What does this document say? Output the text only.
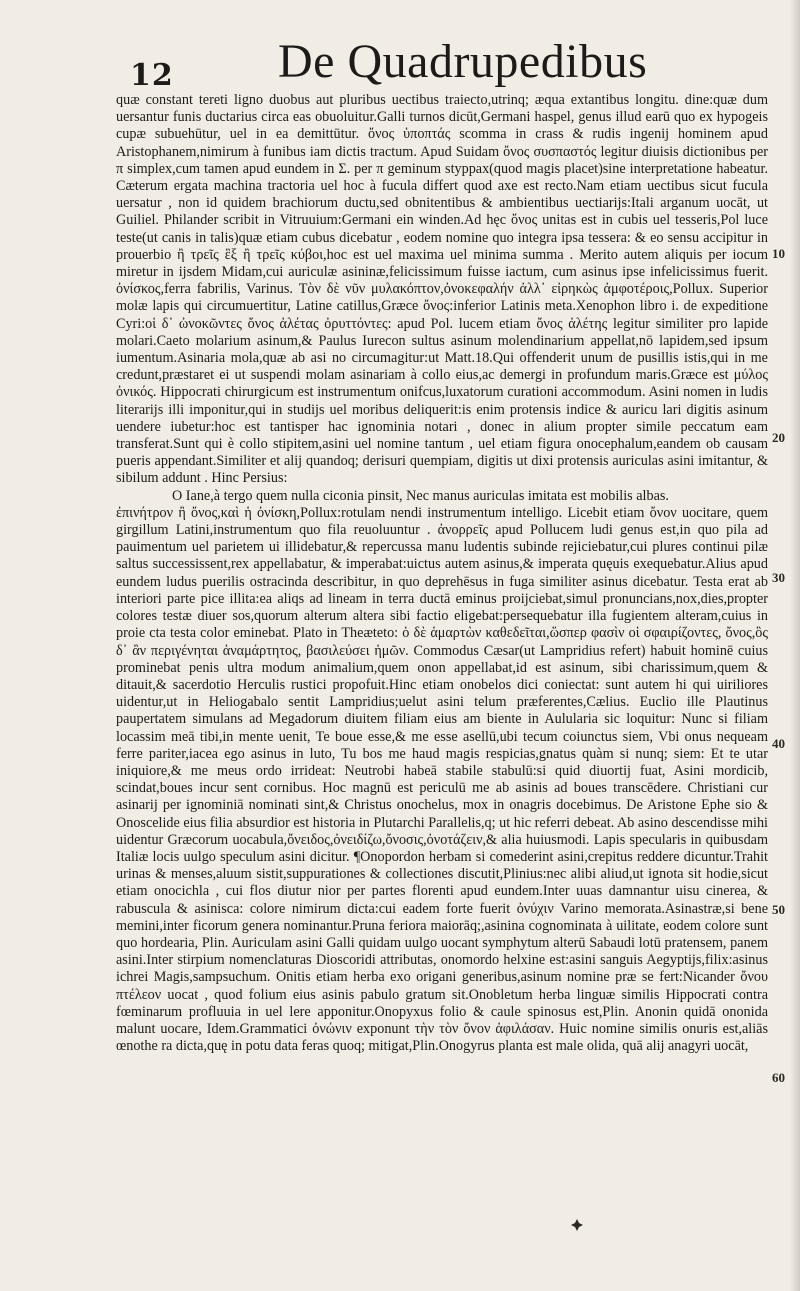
12 De Quadrupedibus

quæ constant tereti ligno duobus aut pluribus uectibus traiecto,utrinq; æqua extantibus longitu. dine:quæ dum uersantur funis ductarius circa eas obuoluitur.Galli turnos dicūt,Germani haspel, genus illud earū quo ex hypogeis cupæ subuehūtur, uel in ea demittūtur. ὄνος ὑποπτάς scomma in crass & rudis ingenij hominem apud Aristophanem,nimirum à funibus iam dictis tractum. Apud Suidam ὄνος συσπαστός legitur diuisis dictionibus per π simplex,cum tamen apud eundem in Σ. per π geminum styppax(quod magis placet)sine interpretatione habeatur. Cæterum ergata machina tractoria uel hoc à fucula differt quod axe est recto.Nam etiam uectibus sicut fucula uersatur , non id quidem brachiorum ductu,sed obnitentibus & ambientibus uectiarijs:Itali arganum uocāt, ut Guiliel. Philander scribit in Vitruuium:Germani ein winden.Ad hęc ὄνος unitas est in cubis uel tesseris,Pol luce teste(ut canis in talis)quæ etiam cubus dicebatur , eodem nomine quo integra ipsa tessera: & eo sensu accipitur in prouerbio ἢ τρεῖς ἓξ ἢ τρεῖς κύβοι,hoc est uel maxima uel minima summa . Merito autem aliquis per iocum miretur in ijsdem Midam,cui auriculæ asininæ,felicissimum fuisse iactum, cum asinus ipse infelicissimus fuerit. ὀνίσκος,ferra fabrilis, Varinus. Τὸν δὲ νῦν μυλακόπτον,ὀνοκεφαλήν ἀλλ᾽ εἰρηκὼς ἀμφοτέροις,Pollux. Superior molæ lapis qui circumuertitur, Latine catillus,Græce ὄνος:inferior Latinis meta.Xenophon libro i. de expeditione Cyri:οἱ δ᾽ ὠνοκῶντες ὄνος ἀλέτας ὀρυττόντες: apud Pol. lucem etiam ὄνος ἀλέτης legitur similiter pro lapide molari.Caeto molarium asinum,& Paulus Iurecon sultus asinum molendinarium appellat,nō lapidem,sed ipsum iumentum.Asinaria mola,quæ ab asi no circumagitur:ut Matt.18.Qui offenderit unum de pusillis istis,qui in me credunt,præstaret ei ut suspendi molam asinariam à collo eius,ac demergi in profundum maris.Græce est μύλος ὀνικός. Hippocrati chirurgicum est instrumentum onifcus,luxatorum curationi accommodum. Asini nomen in ludis literarijs illi imponitur,qui in studijs uel moribus deliquerit:is enim protensis indice & auricu lari digitis asinum uendere iubetur:hoc est tantisper hac ignominia notari , donec in alium propter simile peccatum eam transferat.Sunt qui è collo stipitem,asini uel nomine tantum , uel etiam figura onocephalum,eandem ob causam pueris appendant.Similiter et alij quandoq; derisuri quempiam, digitis ut dixi protensis auriculas asini imitantur, & sibilum addunt . Hinc Persius:

O Iane,à tergo quem nulla ciconia pinsit, Nec manus auriculas imitata est mobilis albas.

ἐπινήτρον ἢ ὄνος,καὶ ἡ ὀνίσκη,Pollux:rotulam nendi instrumentum intelligo. Licebit etiam ὄνον uocitare, quem girgillum Latini,instrumentum quo fila reuoluuntur . ἀνορρεῖς apud Pollucem ludi genus est,in quo pila ad pauimentum uel parietem ui illidebatur,& repercussa manu ludentis subinde rejiciebatur,cui plures continui pilæ saltus successissent,rex appellabatur, & imperabat:uictus autem asinus,& imperata quęuis exequebatur.Alius apud eundem ludus puerilis ostracinda describitur, in quo deprehēsus in fuga similiter asinus dicebatur. Testa erat ab interiori parte pice illita:ea aliqs ad lineam in terra ductā eminus proijciebat,simul pronuncians,nox,dies,propter colores testæ diuer sos,quorum alterum altera sibi factio eligebat:persequebatur illa fugientem alteram,cuius in proie cta testa color eminebat. Plato in Theæteto: ὁ δὲ ἁμαρτὼν καθεδεῖται,ὥσπερ φασὶν οἱ σφαιρίζοντες, ὄνος,ὃς δ᾽ ἂν περιγένηται ἀναμάρτητος, βασιλεύσει ἡμῶν. Commodus Cæsar(ut Lampridius refert) habuit hominē cuius prominebat penis ultra modum animalium,quem onon appellabat,id est asinum, sibi charissimum,quem & ditauit,& sacerdotio Herculis rustici propofuit.Hinc etiam onobelos dici coniectat: sunt autem hi qui uiriliores uidentur,ut in Heliogabalo sentit Lampridius;uelut asini telum præferentes,Cælius. Euclio ille Plautinus paupertatem simulans ad Megadorum diuitem filiam eius am biente in Aulularia sic loquitur: Nunc si filiam locassim meā tibi,in mente uenit, Te boue esse,& me esse asellū,ubi tecum coiunctus siem, Vbi onus nequeam ferre pariter,iacea ego asinus in luto, Tu bos me haud magis respicias,gnatus quàm si nunq; siem: Et te utar iniquiore,& me meus ordo irrideat: Neutrobi habeā stabile stabulū:si quid diuortij fuat, Asini mordicib, scindat,boues incur sent cornibus. Hoc magnū est periculū me ab asinis ad boues transcēdere. Christiani cur asinarij per ignominiā nominati sint,& Christus onochelus, mox in onagris docebimus. De Aristone Ephe sio & Onoscelide eius filia absurdior est historia in Plutarchi Parallelis,q; ut hic referri debeat. Ab asino descendisse mihi uidentur Græcorum uocabula,ὄνειδος,ὀνειδίζω,ὄνοσις,ὀνοτάζειν,& alia huiusmodi. Lapis specularis in quibusdam Italiæ locis uulgo speculum asini dicitur. ¶Onopordon herbam si comederint asini,crepitus reddere dicuntur.Trahit urinas & menses,aluum sistit,suppurationes & collectiones discutit,Plinius:nec alibi aliud,ut ignota sit hodie,sicut etiam onocichla , cui flos diutur nior per partes florenti apud eundem.Inter uuas damnantur uisu cinerea, & rabuscula & asinisca: colore nimirum dicta:cui eadem forte fuerit ὀνύχιν Varino memorata.Asinastræ,si bene memini,inter ficorum genera nominantur.Pruna feriora maiorāq;,asinina cognominata à uilitate, eodem colore sunt quo hordearia, Plin. Auriculam asini Galli quidam uulgo uocant symphytum alterū Sabaudi lotū pratensem, panem asini.Inter stirpium nomenclaturas Dioscoridi attributas, onomordo helxine est:asini sanguis Aegyptijs,filix:asinus ichrei Magis,sampsuchum. Onitis etiam herba exo origani generibus,asinum nomine præ se fert:Nicander ὄνου πτέλεον uocat , quod folium eius asinis pabulo gratum sit.Onobletum herba linguæ similis Hippocrati contra fœminarum profluuia in uel lere apponitur.Onopyxus folio & caule spinosus est,Plin. Anonin quidā ononida malunt uocare, Idem.Grammatici ὀνώνιν exponunt τὴν τὸν ὄνον ἀφιλάσαν. Huic nomine similis onuris est,aliās œnothe ra dicta,quę in potu data feras quoq; mitigat,Plin.Onogyrus planta est male olida, quā alij anagyri uocāt,

10
20
30
40
50
60
